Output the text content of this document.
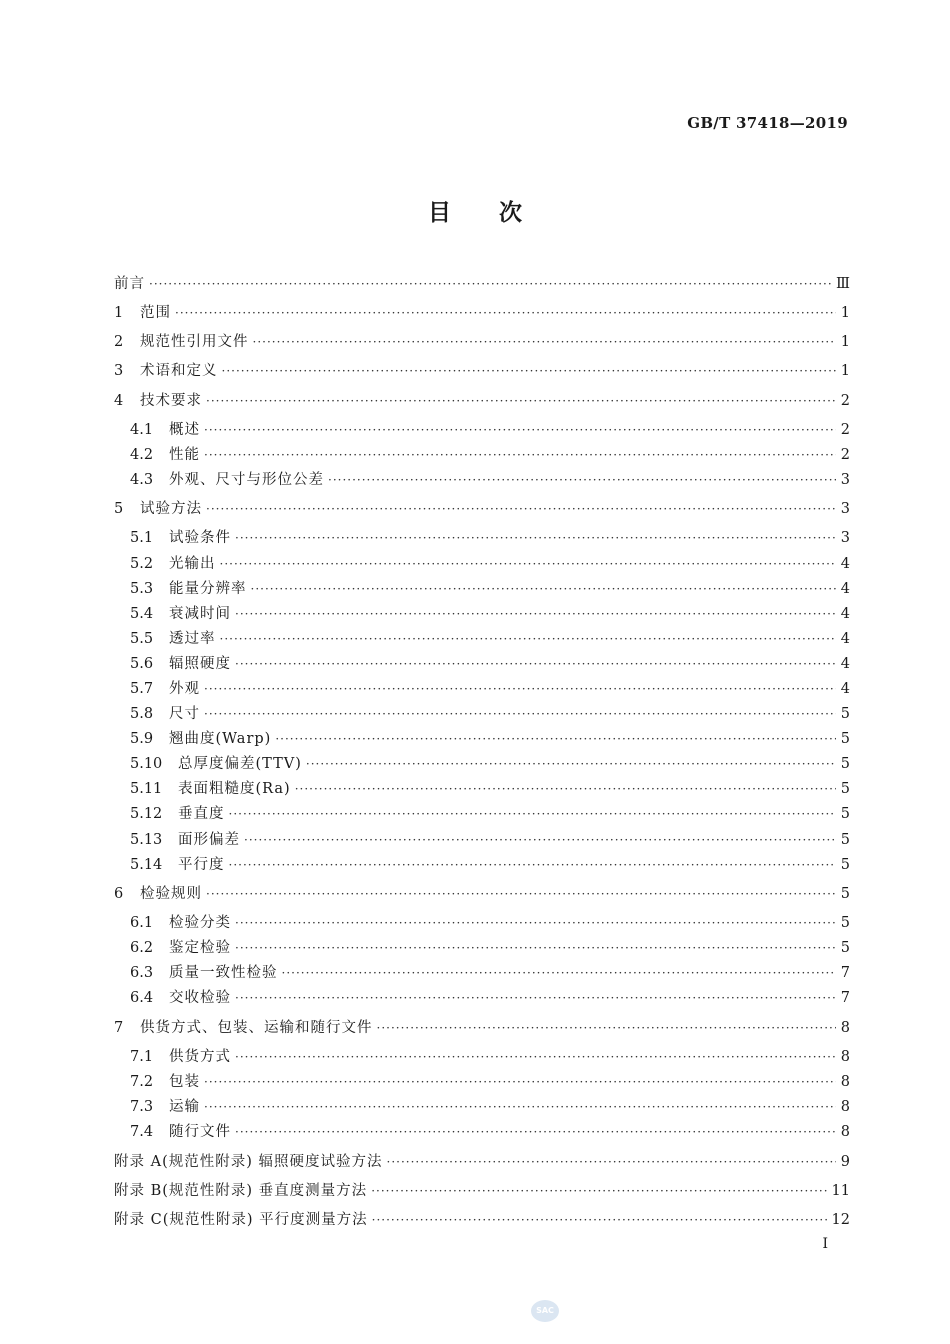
GB/T 37418—2019
目 次
前言 ·····	Ⅲ
1	范围 ·····	1
2	规范性引用文件 ·····	1
3	术语和定义 ·····	1
4	技术要求 ·····	2
4.1	概述 ·····	2
4.2	性能 ·····	2
4.3	外观、尺寸与形位公差 ·····	3
5	试验方法 ·····	3
5.1	试验条件 ·····	3
5.2	光输出 ·····	4
5.3	能量分辨率 ·····	4
5.4	衰减时间 ·····	4
5.5	透过率 ·····	4
5.6	辐照硬度 ·····	4
5.7	外观 ·····	4
5.8	尺寸 ·····	5
5.9	翘曲度(Warp) ·····	5
5.10	总厚度偏差(TTV) ·····	5
5.11	表面粗糙度(Ra) ·····	5
5.12	垂直度 ·····	5
5.13	面形偏差 ·····	5
5.14	平行度 ·····	5
6	检验规则 ·····	5
6.1	检验分类 ·····	5
6.2	鉴定检验 ·····	5
6.3	质量一致性检验 ·····	7
6.4	交收检验 ·····	7
7	供货方式、包装、运输和随行文件 ·····	8
7.1	供货方式 ·····	8
7.2	包装 ·····	8
7.3	运输 ·····	8
7.4	随行文件 ·····	8
附录 A(规范性附录) 辐照硬度试验方法 ·····	9
附录 B(规范性附录) 垂直度测量方法 ·····	11
附录 C(规范性附录) 平行度测量方法 ·····	12
I
SAC
